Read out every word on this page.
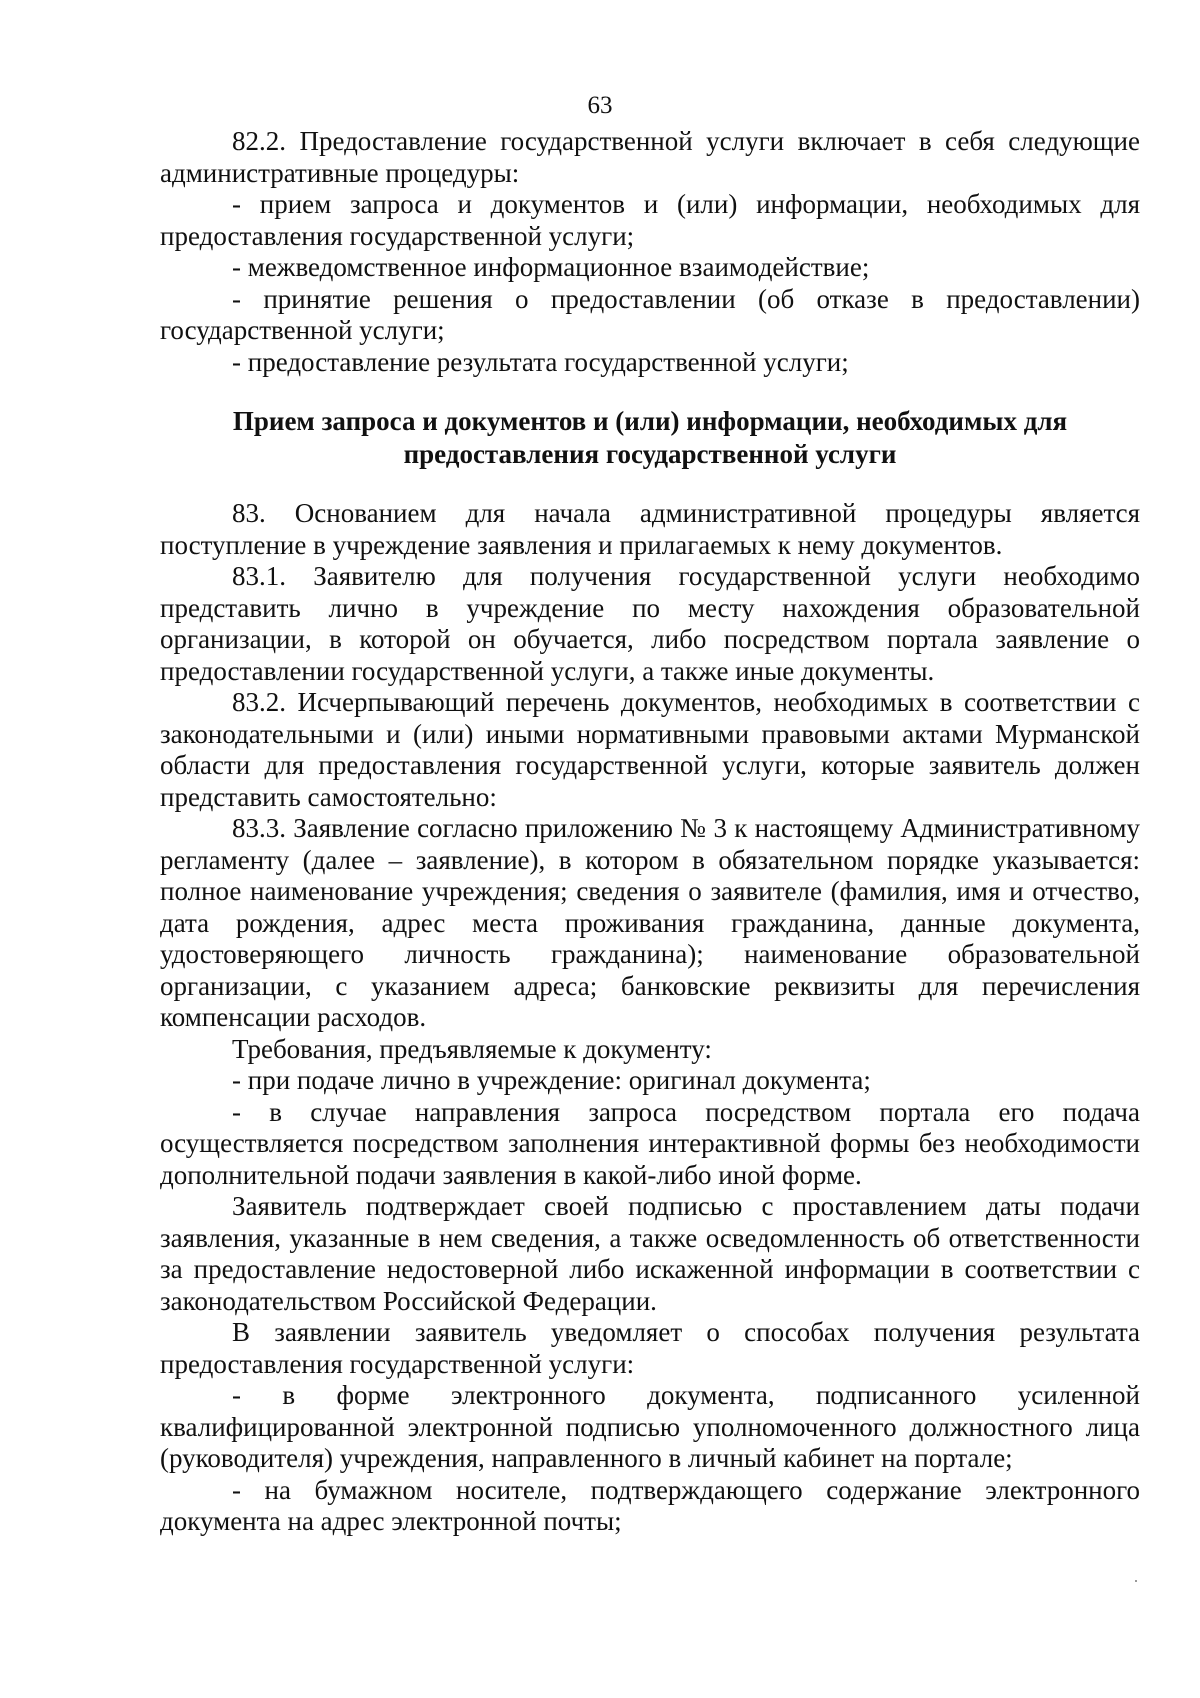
63

82.2. Предоставление государственной услуги включает в себя следующие административные процедуры:

- прием запроса и документов и (или) информации, необходимых для предоставления государственной услуги;

- межведомственное информационное взаимодействие;

- принятие решения о предоставлении (об отказе в предоставлении) государственной услуги;

- предоставление результата государственной услуги;

Прием запроса и документов и (или) информации, необходимых для
предоставления государственной услуги

83. Основанием для начала административной процедуры является поступление в учреждение заявления и прилагаемых к нему документов.

83.1. Заявителю для получения государственной услуги необходимо представить лично в учреждение по месту нахождения образовательной организации, в которой он обучается, либо посредством портала заявление о предоставлении государственной услуги, а также иные документы.

83.2. Исчерпывающий перечень документов, необходимых в соответствии с законодательными и (или) иными нормативными правовыми актами Мурманской области для предоставления государственной услуги, которые заявитель должен представить самостоятельно:

83.3. Заявление согласно приложению № 3 к настоящему Административному регламенту (далее – заявление), в котором в обязательном порядке указывается: полное наименование учреждения; сведения о заявителе (фамилия, имя и отчество, дата рождения, адрес места проживания гражданина, данные документа, удостоверяющего личность гражданина); наименование образовательной организации, с указанием адреса; банковские реквизиты для перечисления компенсации расходов.

Требования, предъявляемые к документу:

- при подаче лично в учреждение: оригинал документа;

- в случае направления запроса посредством портала его подача осуществляется посредством заполнения интерактивной формы без необходимости дополнительной подачи заявления в какой-либо иной форме.

Заявитель подтверждает своей подписью с проставлением даты подачи заявления, указанные в нем сведения, а также осведомленность об ответственности за предоставление недостоверной либо искаженной информации в соответствии с законодательством Российской Федерации.

В заявлении заявитель уведомляет о способах получения результата предоставления государственной услуги:

- в форме электронного документа, подписанного усиленной квалифицированной электронной подписью уполномоченного должностного лица (руководителя) учреждения, направленного в личный кабинет на портале;

- на бумажном носителе, подтверждающего содержание электронного документа на адрес электронной почты;
